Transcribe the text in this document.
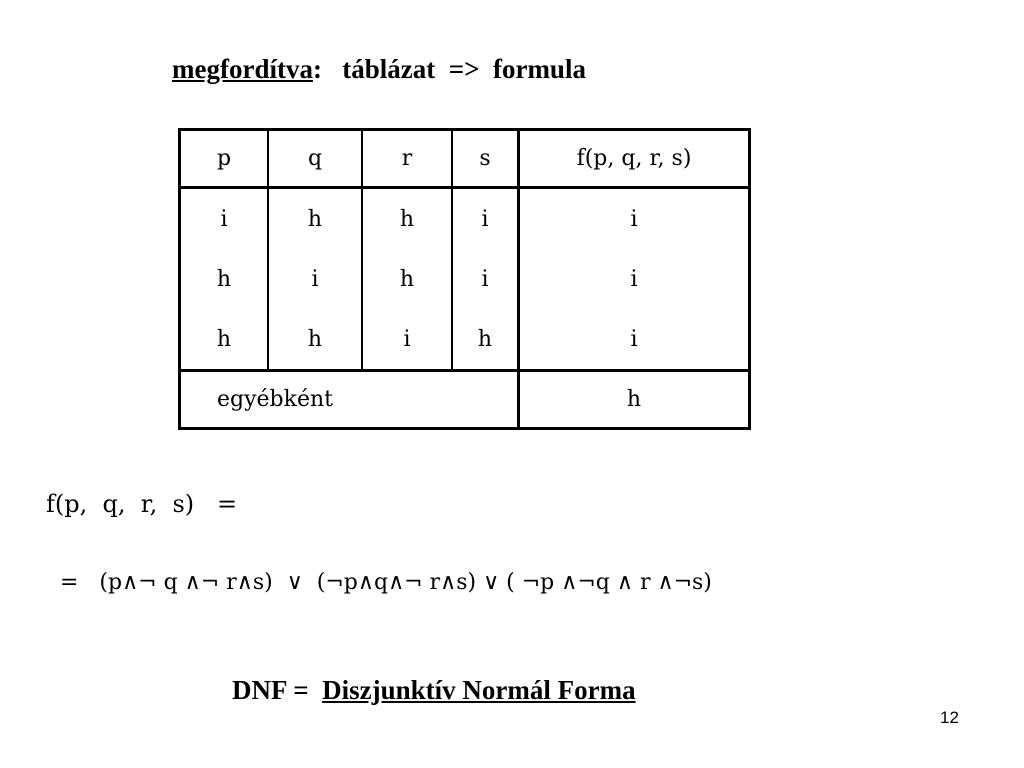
megfordítva:   táblázat  =>  formula
p	q	r	s	f(p, q, r, s)
i	h	h	i	i
h	i	h	i	i
h	h	i	h	i
egyébként				h
f(p,  q,  r,  s)   =
=   (p∧¬ q ∧¬ r∧s)  ∨  (¬p∧q∧¬ r∧s) ∨ ( ¬p ∧¬q ∧ r ∧¬s)
DNF =  Diszjunktív Normál Forma
12
